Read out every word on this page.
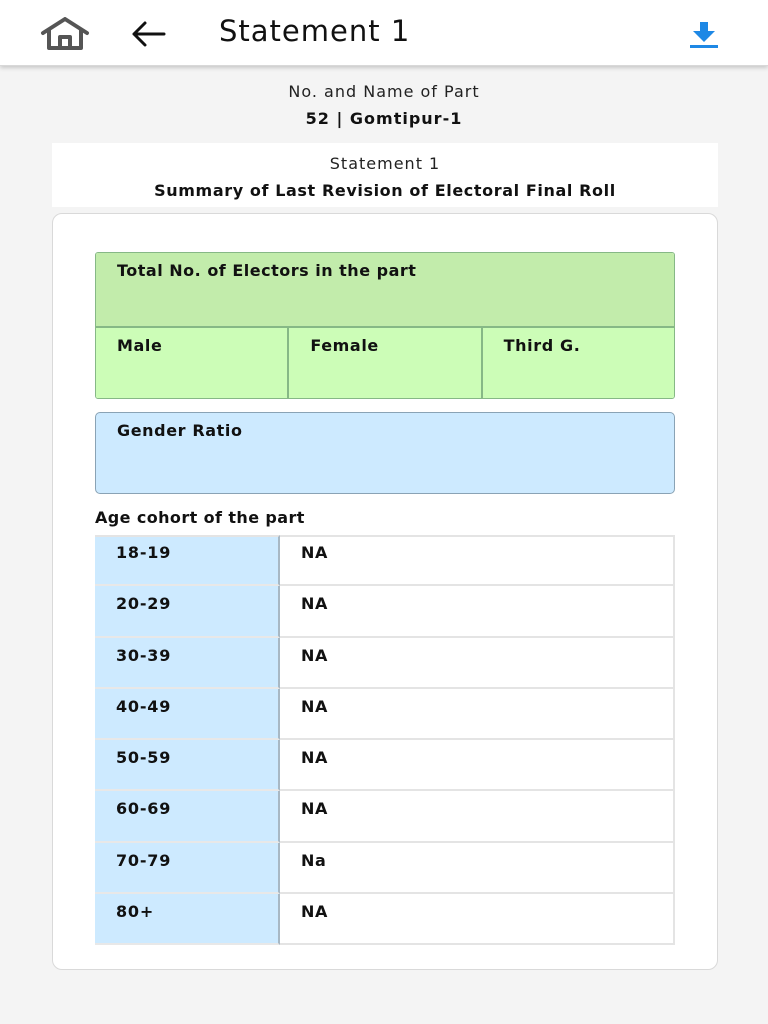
Statement 1
No. and Name of Part
52 | Gomtipur-1
Statement 1
Summary of Last Revision of Electoral Final Roll
Total No. of Electors in the part
Male	Female	Third G.
Gender Ratio
Age cohort of the part
18-19	NA
20-29	NA
30-39	NA
40-49	NA
50-59	NA
60-69	NA
70-79	Na
80+	NA
